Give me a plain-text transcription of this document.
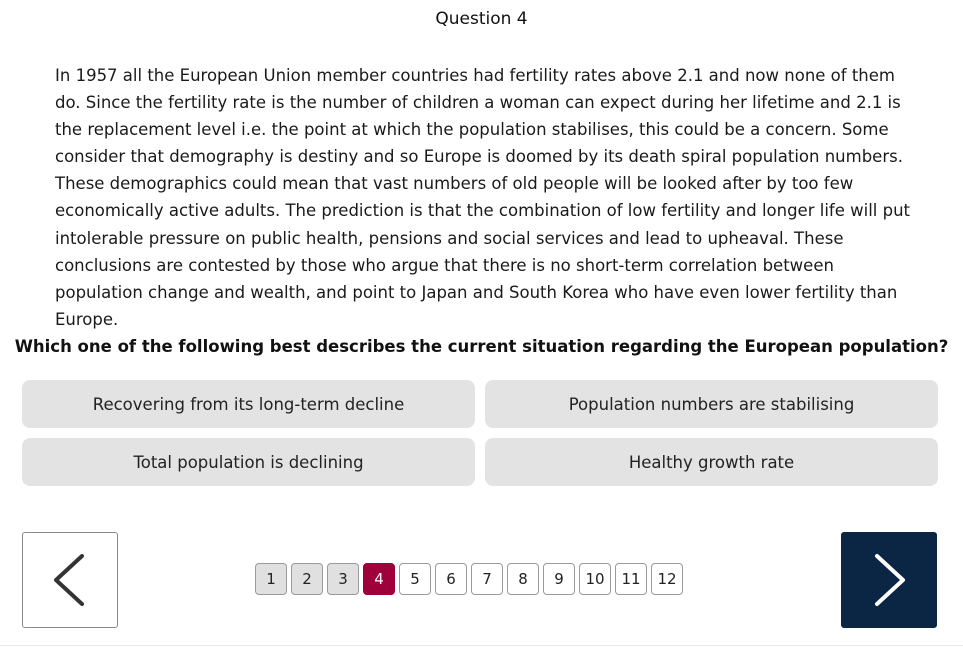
Question 4

In 1957 all the European Union member countries had fertility rates above 2.1 and now none of them do. Since the fertility rate is the number of children a woman can expect during her lifetime and 2.1 is the replacement level i.e. the point at which the population stabilises, this could be a concern. Some consider that demography is destiny and so Europe is doomed by its death spiral population numbers. These demographics could mean that vast numbers of old people will be looked after by too few economically active adults. The prediction is that the combination of low fertility and longer life will put intolerable pressure on public health, pensions and social services and lead to upheaval. These conclusions are contested by those who argue that there is no short-term correlation between population change and wealth, and point to Japan and South Korea who have even lower fertility than Europe.

Which one of the following best describes the current situation regarding the European population?
Recovering from its long-term decline	Population numbers are stabilising
Total population is declining	Healthy growth rate
1	2	3	4	5	6	7	8	9	10	11	12
